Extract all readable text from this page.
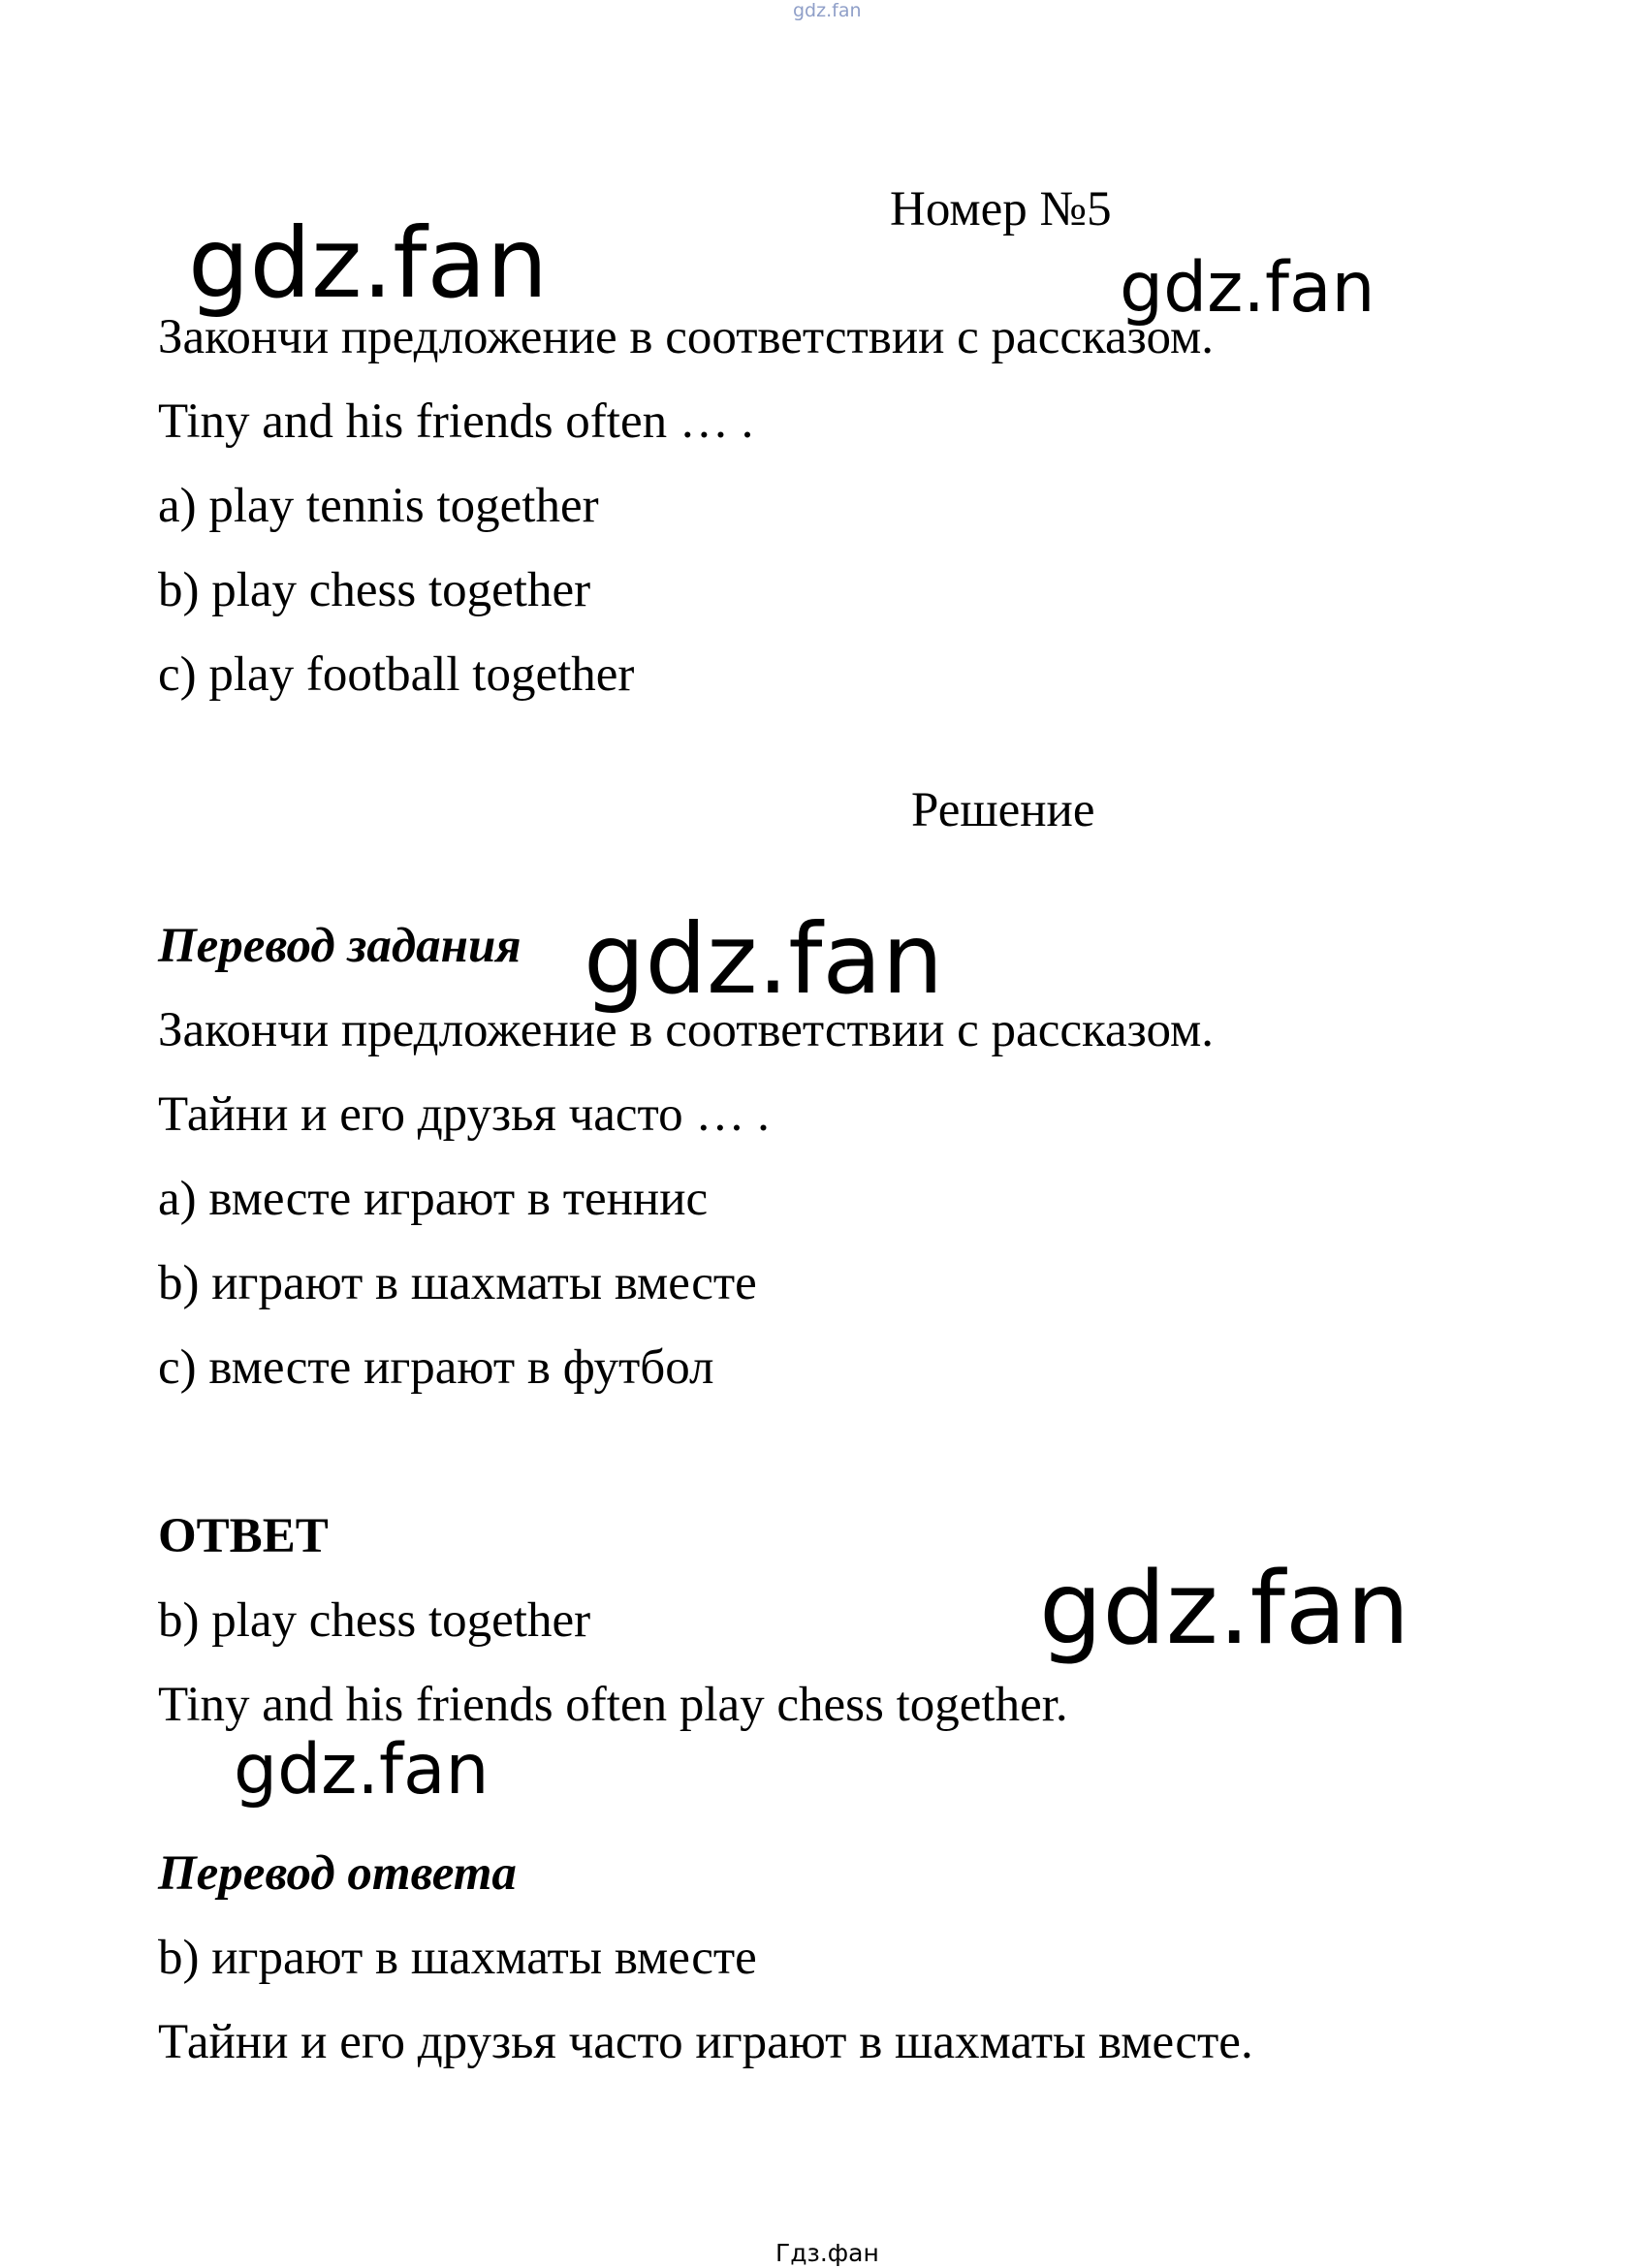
gdz.fan
Номер №5
Закончи предложение в соответствии с рассказом.
Tiny and his friends often … .
a) play tennis together
b) play chess together
c) play football together
Решение
Перевод задания
Закончи предложение в соответствии с рассказом.
Тайни и его друзья часто … .
а) вместе играют в теннис
b) играют в шахматы вместе
с) вместе играют в футбол
ОТВЕТ
b) play chess together
Tiny and his friends often play chess together.
Перевод ответа
b) играют в шахматы вместе
Тайни и его друзья часто играют в шахматы вместе.
gdz.fan	gdz.fan
gdz.fan
gdz.fan
gdz.fan
Гдз.фан
